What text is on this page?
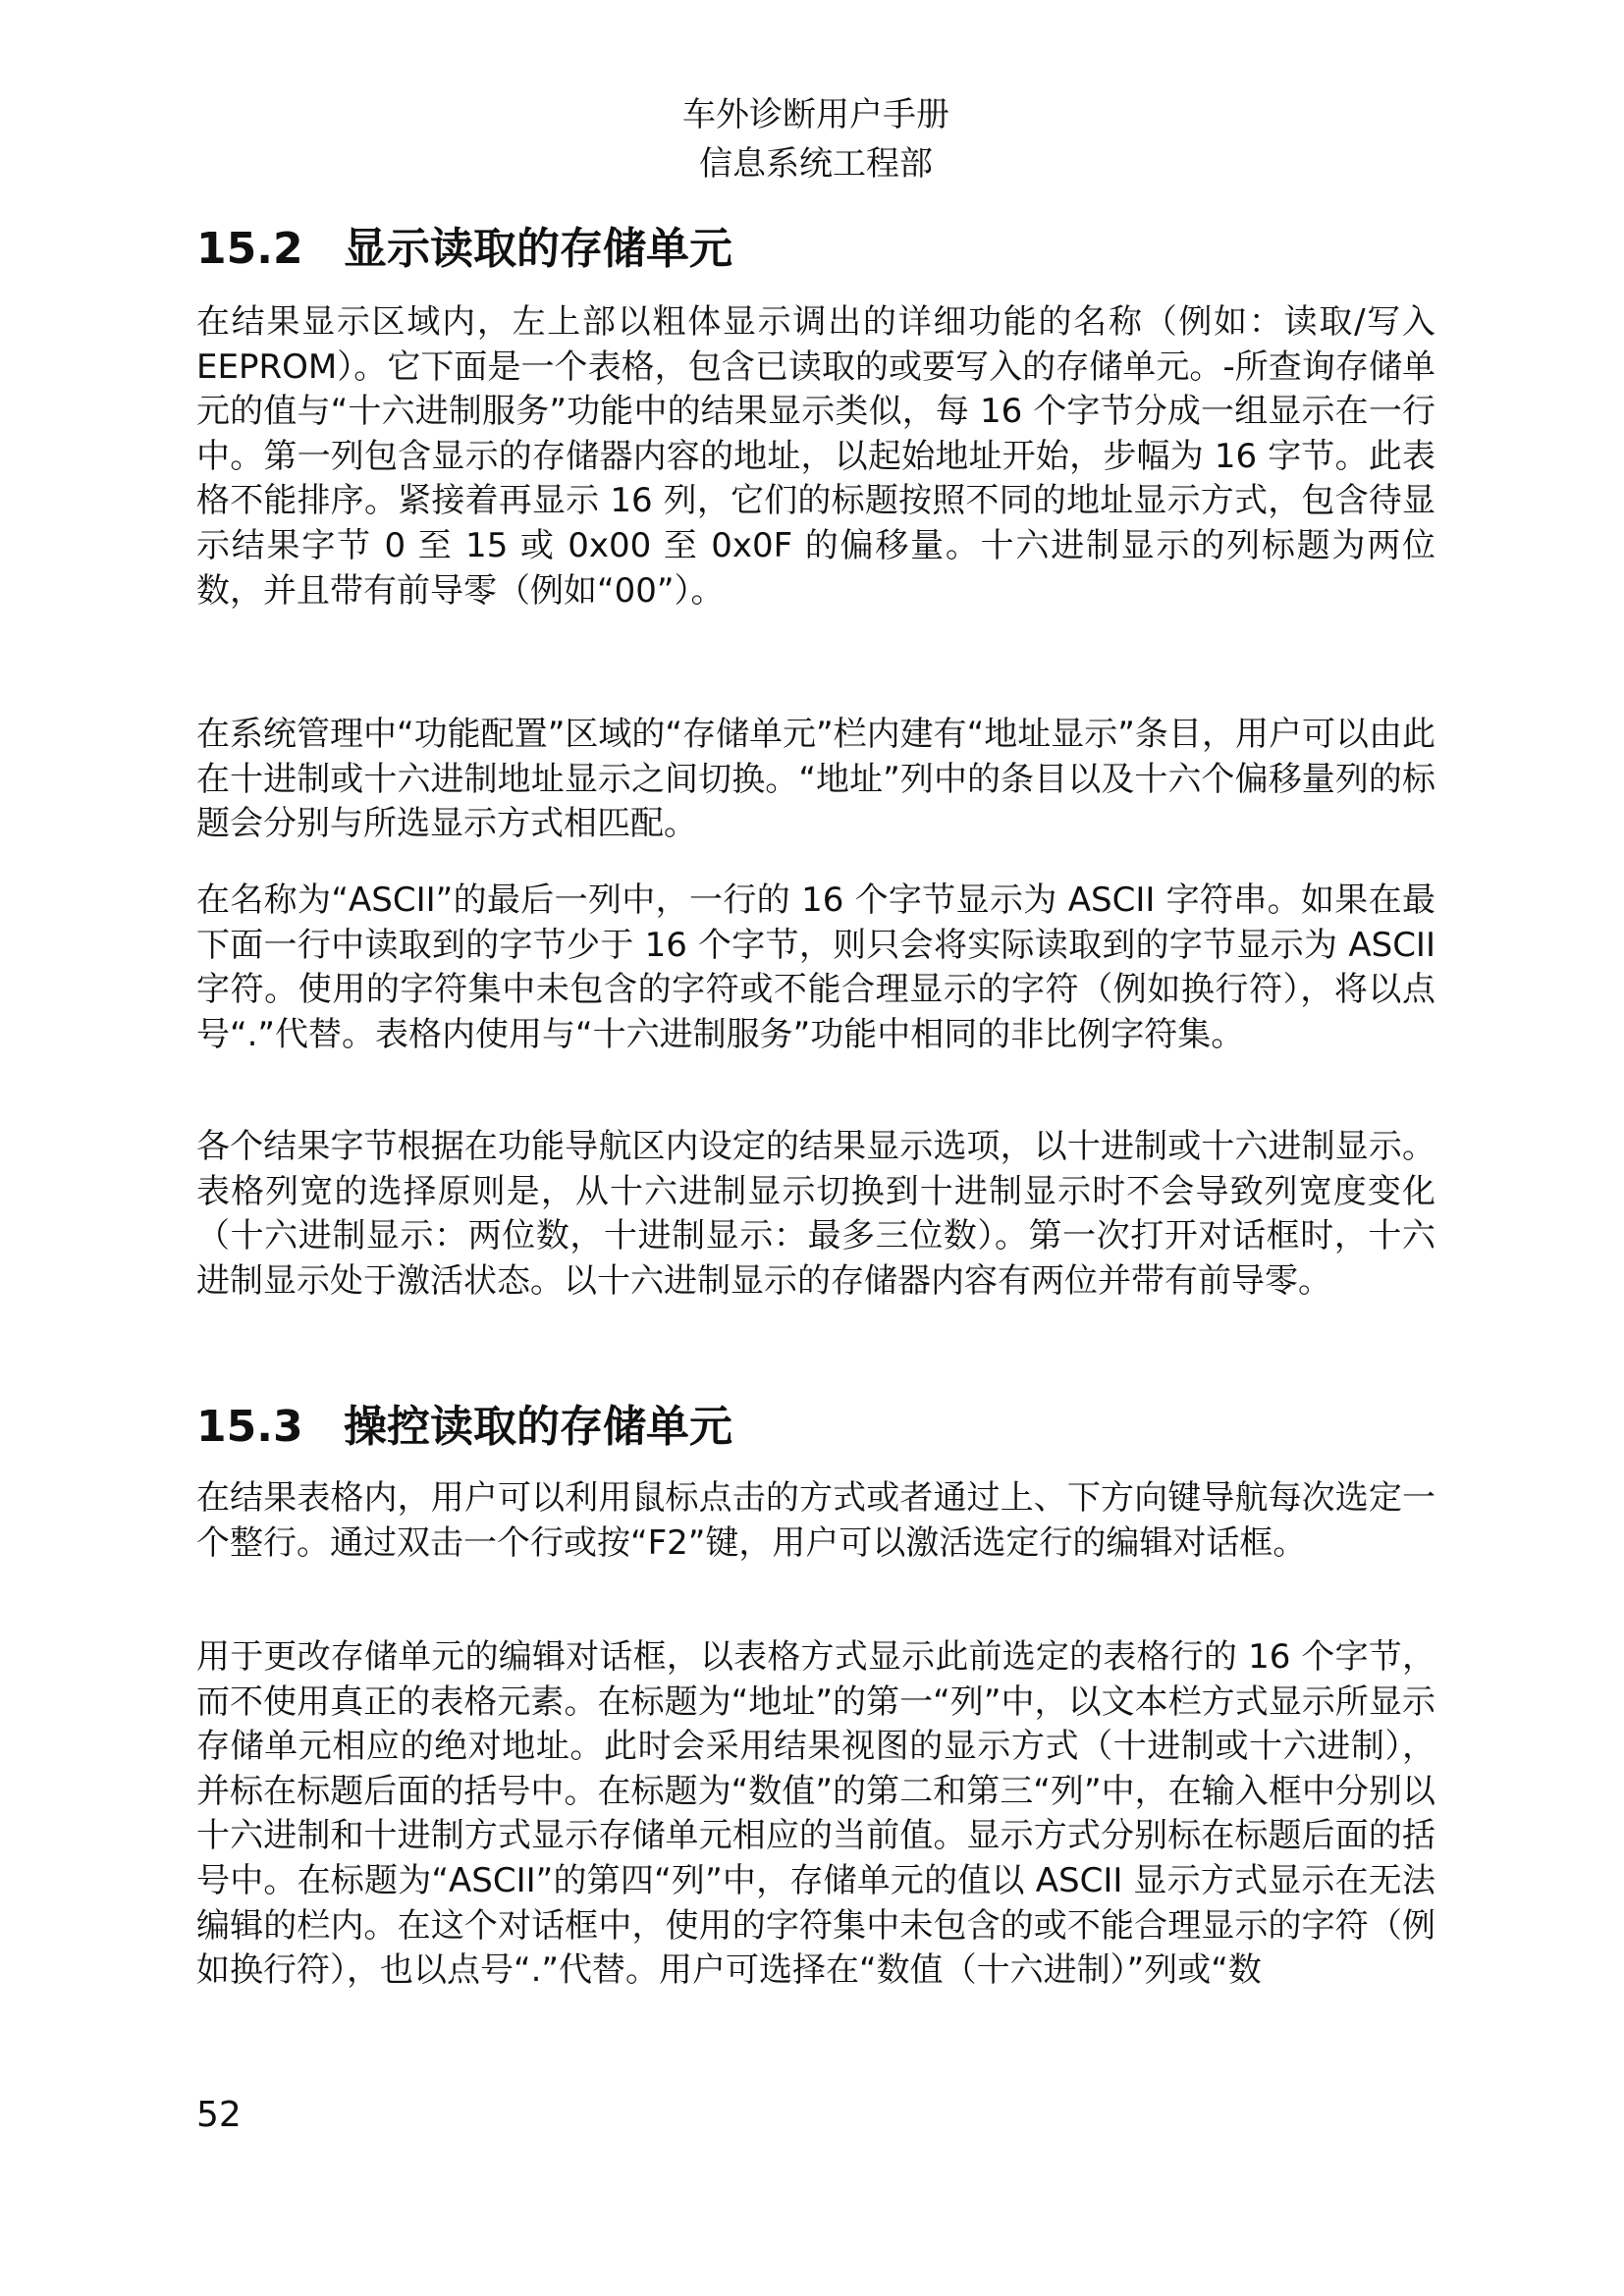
车外诊断用户手册
信息系统工程部
15.2 显示读取的存储单元

在结果显示区域内，左上部以粗体显示调出的详细功能的名称（例如：读取/写入 EEPROM）。它下面是一个表格，包含已读取的或要写入的存储单元。-所查询存储单元的值与“十六进制服务”功能中的结果显示类似，每 16 个字节分成一组显示在一行中。第一列包含显示的存储器内容的地址，以起始地址开始，步幅为 16 字节。此表格不能排序。紧接着再显示 16 列，它们的标题按照不同的地址显示方式，包含待显示结果字节 0 至 15 或 0x00 至 0x0F 的偏移量。十六进制显示的列标题为两位数，并且带有前导零（例如“00”）。

在系统管理中“功能配置”区域的“存储单元”栏内建有“地址显示”条目，用户可以由此在十进制或十六进制地址显示之间切换。“地址”列中的条目以及十六个偏移量列的标题会分别与所选显示方式相匹配。

在名称为“ASCII”的最后一列中，一行的 16 个字节显示为 ASCII 字符串。如果在最下面一行中读取到的字节少于 16 个字节，则只会将实际读取到的字节显示为 ASCII 字符。使用的字符集中未包含的字符或不能合理显示的字符（例如换行符），将以点号“.”代替。表格内使用与“十六进制服务”功能中相同的非比例字符集。

各个结果字节根据在功能导航区内设定的结果显示选项，以十进制或十六进制显示。表格列宽的选择原则是，从十六进制显示切换到十进制显示时不会导致列宽度变化（十六进制显示：两位数，十进制显示：最多三位数）。第一次打开对话框时，十六进制显示处于激活状态。以十六进制显示的存储器内容有两位并带有前导零。

15.3 操控读取的存储单元

在结果表格内，用户可以利用鼠标点击的方式或者通过上、下方向键导航每次选定一个整行。通过双击一个行或按“F2”键，用户可以激活选定行的编辑对话框。

用于更改存储单元的编辑对话框，以表格方式显示此前选定的表格行的 16 个字节，而不使用真正的表格元素。在标题为“地址”的第一“列”中，以文本栏方式显示所显示存储单元相应的绝对地址。此时会采用结果视图的显示方式（十进制或十六进制），并标在标题后面的括号中。在标题为“数值”的第二和第三“列”中，在输入框中分别以十六进制和十进制方式显示存储单元相应的当前值。显示方式分别标在标题后面的括号中。在标题为“ASCII”的第四“列”中，存储单元的值以 ASCII 显示方式显示在无法编辑的栏内。在这个对话框中，使用的字符集中未包含的或不能合理显示的字符（例如换行符），也以点号“.”代替。用户可选择在“数值（十六进制）”列或“数

52
